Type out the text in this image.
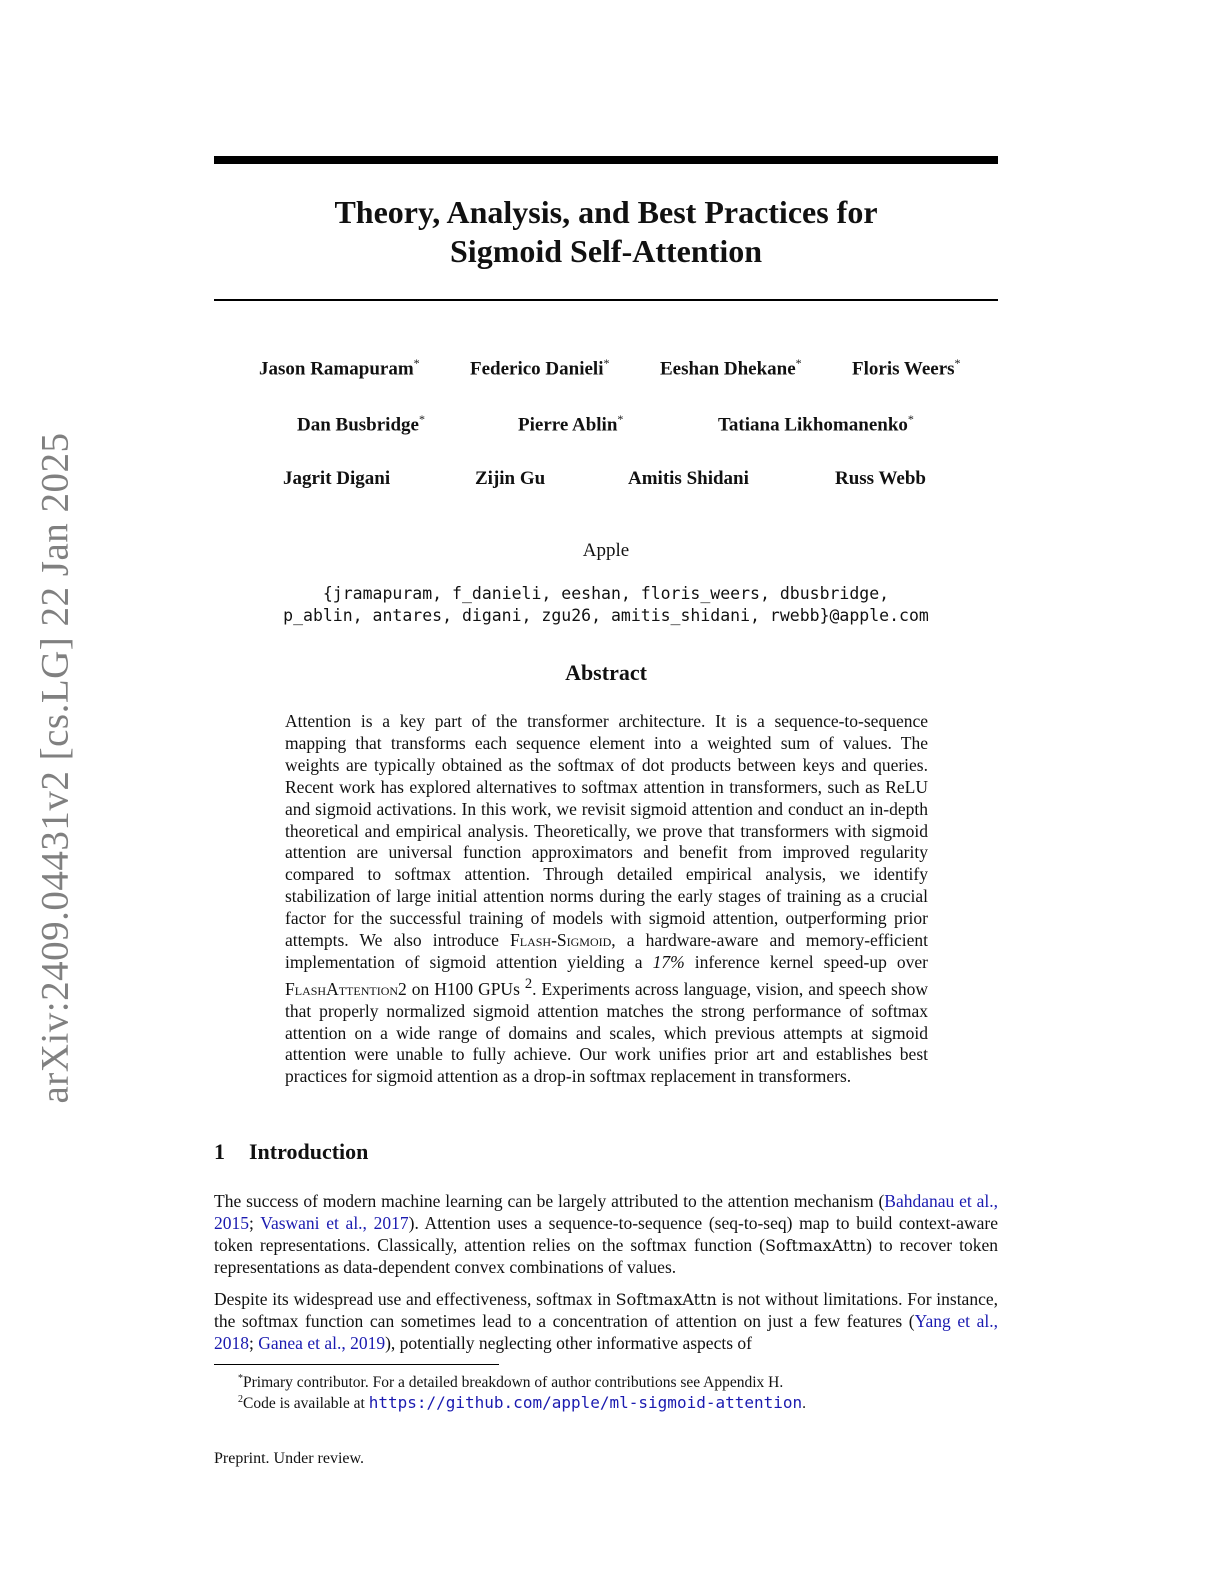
arXiv:2409.04431v2 [cs.LG] 22 Jan 2025
Theory, Analysis, and Best Practices for
Sigmoid Self-Attention
Jason Ramapuram*	Federico Danieli*	Eeshan Dhekane*	Floris Weers*
Dan Busbridge*	Pierre Ablin*	Tatiana Likhomanenko*
Jagrit Digani	Zijin Gu	Amitis Shidani	Russ Webb
Apple
{jramapuram, f_danieli, eeshan, floris_weers, dbusbridge,
p_ablin, antares, digani, zgu26, amitis_shidani, rwebb}@apple.com
Abstract

Attention is a key part of the transformer architecture. It is a sequence-to-sequence mapping that transforms each sequence element into a weighted sum of values. The weights are typically obtained as the softmax of dot products between keys and queries. Recent work has explored alternatives to softmax attention in transformers, such as ReLU and sigmoid activations. In this work, we revisit sigmoid attention and conduct an in-depth theoretical and empirical analysis. Theoretically, we prove that transformers with sigmoid attention are universal function approximators and benefit from improved regularity compared to softmax attention. Through detailed empirical analysis, we identify stabilization of large initial attention norms during the early stages of training as a crucial factor for the successful training of models with sigmoid attention, outperforming prior attempts. We also introduce Flash-Sigmoid, a hardware-aware and memory-efficient implementation of sigmoid attention yielding a 17% inference kernel speed-up over FlashAttention2 on H100 GPUs $^2$. Experiments across language, vision, and speech show that properly normalized sigmoid attention matches the strong performance of softmax attention on a wide range of domains and scales, which previous attempts at sigmoid attention were unable to fully achieve. Our work unifies prior art and establishes best practices for sigmoid attention as a drop-in softmax replacement in transformers.

1 Introduction

The success of modern machine learning can be largely attributed to the attention mechanism (Bahdanau et al., 2015; Vaswani et al., 2017). Attention uses a sequence-to-sequence (seq-to-seq) map to build context-aware token representations. Classically, attention relies on the softmax function (SoftmaxAttn) to recover token representations as data-dependent convex combinations of values.

Despite its widespread use and effectiveness, softmax in SoftmaxAttn is not without limitations. For instance, the softmax function can sometimes lead to a concentration of attention on just a few features (Yang et al., 2018; Ganea et al., 2019), potentially neglecting other informative aspects of

*Primary contributor. For a detailed breakdown of author contributions see Appendix H.
$^2$Code is available at https://github.com/apple/ml-sigmoid-attention.
Preprint. Under review.
